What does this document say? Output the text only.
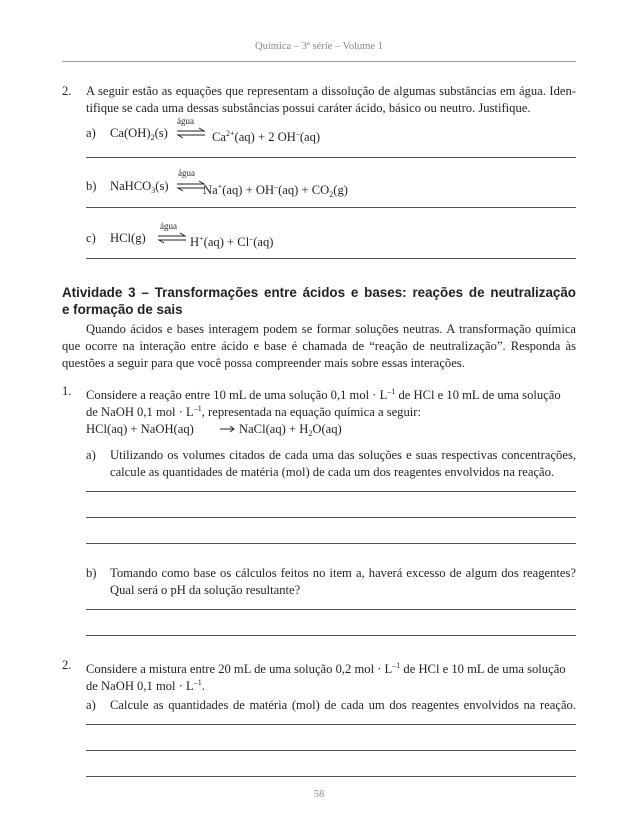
Química – 3ª série – Volume 1
2. A seguir estão as equações que representam a dissolução de algumas substâncias em água. Iden-
tifique se cada uma dessas substâncias possui caráter ácido, básico ou neutro. Justifique.
a) $Ca(OH)_2(s)$
água
⇌ $Ca^{2+}(aq) + 2$ OH–(aq)
b) NaHCO$_3$(s)
água
$Na^+(aq) + OH^-(aq) + CO_2(g)$
c) HCl(g)
água
⇌ H+(aq) + Cl–(aq)
Atividade 3 – Transformações entre ácidos e bases: reações de neutralização
e formação de sais
Quando ácidos e bases interagem podem se formar soluções neutras. A transformação química
que ocorre na interação entre ácido e base é chamada de “reação de neutralização”. Responda às
questões a seguir para que você possa compreender mais sobre essas interações.
1. Considere a reação entre 10 mL de uma solução 0,1 mol · $L^{-1}$ de HCl e 10 mL de uma solução
de NaOH 0,1 mol · $L^{-1}$, representada na equação química a seguir:
HCl(aq) + NaOH(aq) → NaCl(aq) + $H_2O(aq)$
a) Utilizando os volumes citados de cada uma das soluções e suas respectivas concentrações,
calcule as quantidades de matéria (mol) de cada um dos reagentes envolvidos na reação.
b) Tomando como base os cálculos feitos no item a, haverá excesso de algum dos reagentes?
Qual será o pH da solução resultante?
2. Considere a mistura entre 20 mL de uma solução 0,2 mol · $L^{-1}$ de HCl e 10 mL de uma solução
de NaOH 0,1 mol · $L^{-1}$.
a) Calcule as quantidades de matéria (mol) de cada um dos reagentes envolvidos na reação.
58
